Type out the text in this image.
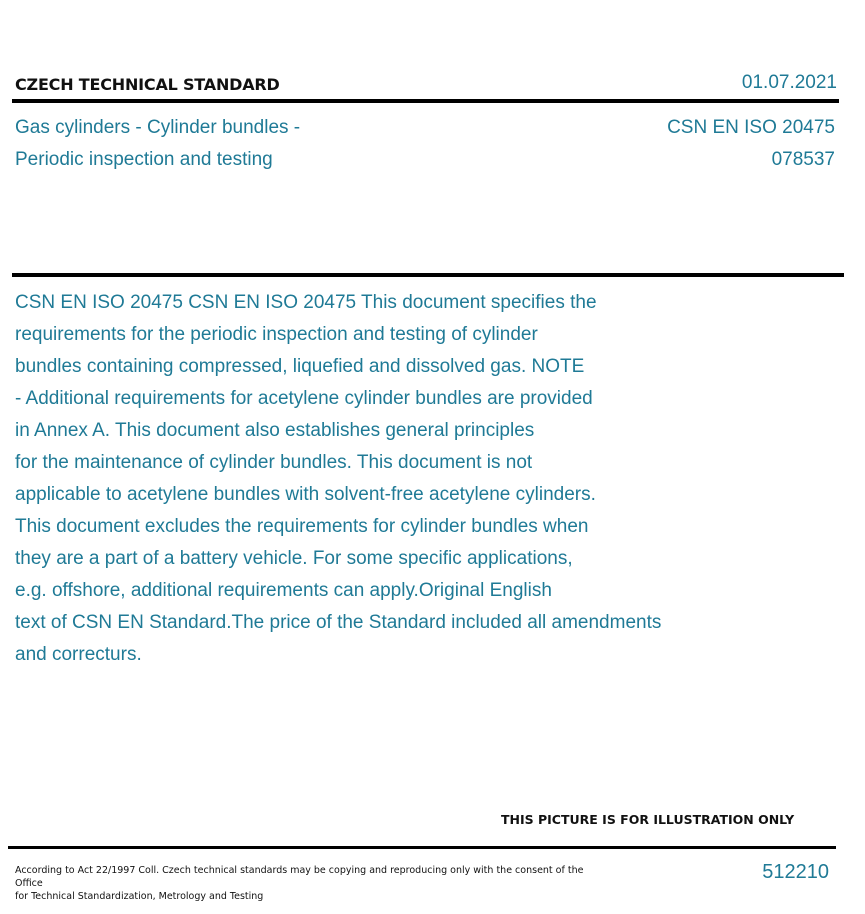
CZECH TECHNICAL STANDARD	01.07.2021
Gas cylinders - Cylinder bundles -
Periodic inspection and testing
CSN EN ISO 20475
078537
CSN EN ISO 20475 CSN EN ISO 20475 This document specifies the
requirements for the periodic inspection and testing of cylinder
bundles containing compressed, liquefied and dissolved gas. NOTE
- Additional requirements for acetylene cylinder bundles are provided
in Annex A. This document also establishes general principles
for the maintenance of cylinder bundles. This document is not
applicable to acetylene bundles with solvent-free acetylene cylinders.
This document excludes the requirements for cylinder bundles when
they are a part of a battery vehicle. For some specific applications,
e.g. offshore, additional requirements can apply.Original English
text of CSN EN Standard.The price of the Standard included all amendments
and correcturs.
THIS PICTURE IS FOR ILLUSTRATION ONLY
According to Act 22/1997 Coll. Czech technical standards may be copying and reproducing only with the consent of the Office
for Technical Standardization, Metrology and Testing
512210
